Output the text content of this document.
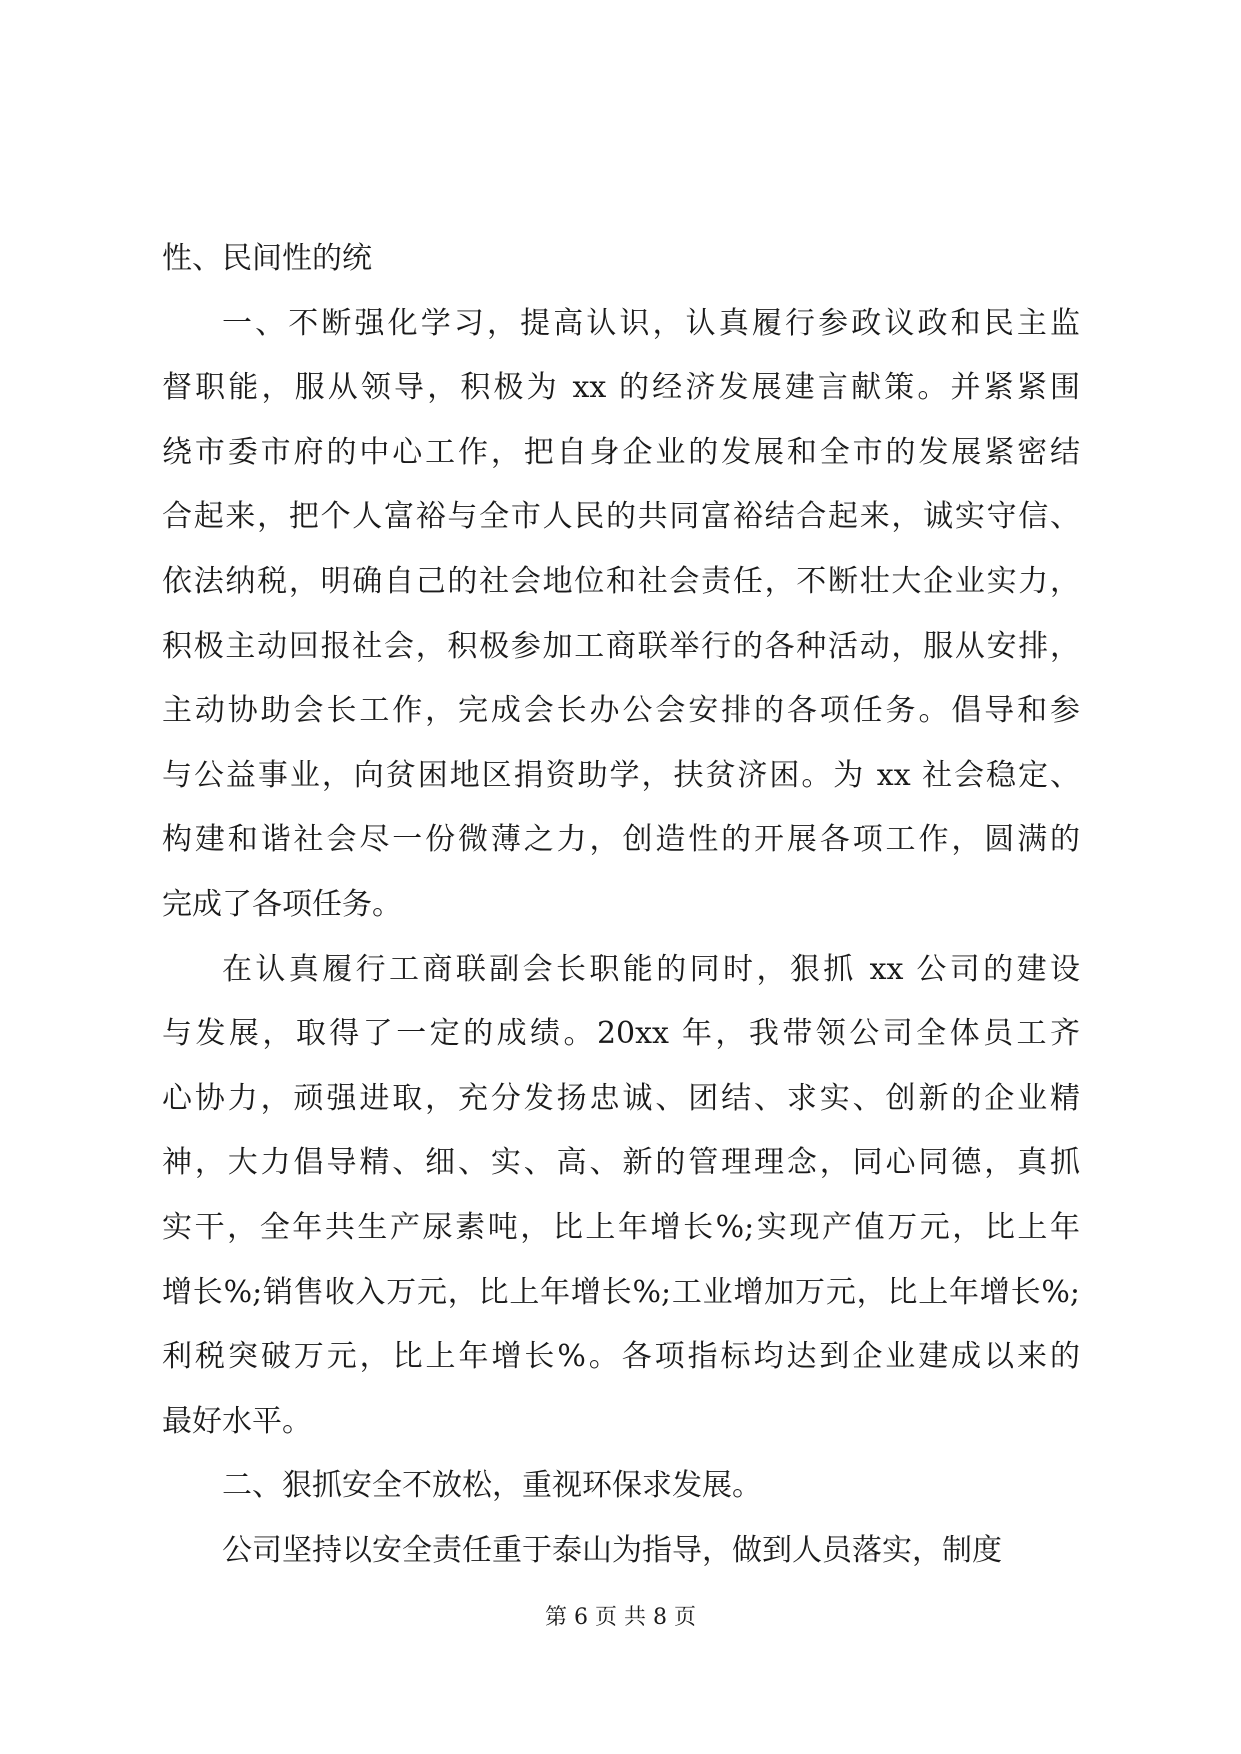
性、民间性的统
一、不断强化学习，提高认识，认真履行参政议政和民主监
督职能，服从领导，积极为 xx 的经济发展建言献策。并紧紧围
绕市委市府的中心工作，把自身企业的发展和全市的发展紧密结
合起来，把个人富裕与全市人民的共同富裕结合起来，诚实守信、
依法纳税，明确自己的社会地位和社会责任，不断壮大企业实力，
积极主动回报社会，积极参加工商联举行的各种活动，服从安排，
主动协助会长工作，完成会长办公会安排的各项任务。倡导和参
与公益事业，向贫困地区捐资助学，扶贫济困。为 xx 社会稳定、
构建和谐社会尽一份微薄之力，创造性的开展各项工作，圆满的
完成了各项任务。
在认真履行工商联副会长职能的同时，狠抓 xx 公司的建设
与发展，取得了一定的成绩。20xx 年，我带领公司全体员工齐
心协力，顽强进取，充分发扬忠诚、团结、求实、创新的企业精
神，大力倡导精、细、实、高、新的管理理念，同心同德，真抓
实干，全年共生产尿素吨，比上年增长%;实现产值万元，比上年
增长%;销售收入万元，比上年增长%;工业增加万元，比上年增长%;
利税突破万元，比上年增长%。各项指标均达到企业建成以来的
最好水平。
二、狠抓安全不放松，重视环保求发展。
公司坚持以安全责任重于泰山为指导，做到人员落实，制度
第 6 页 共 8 页
